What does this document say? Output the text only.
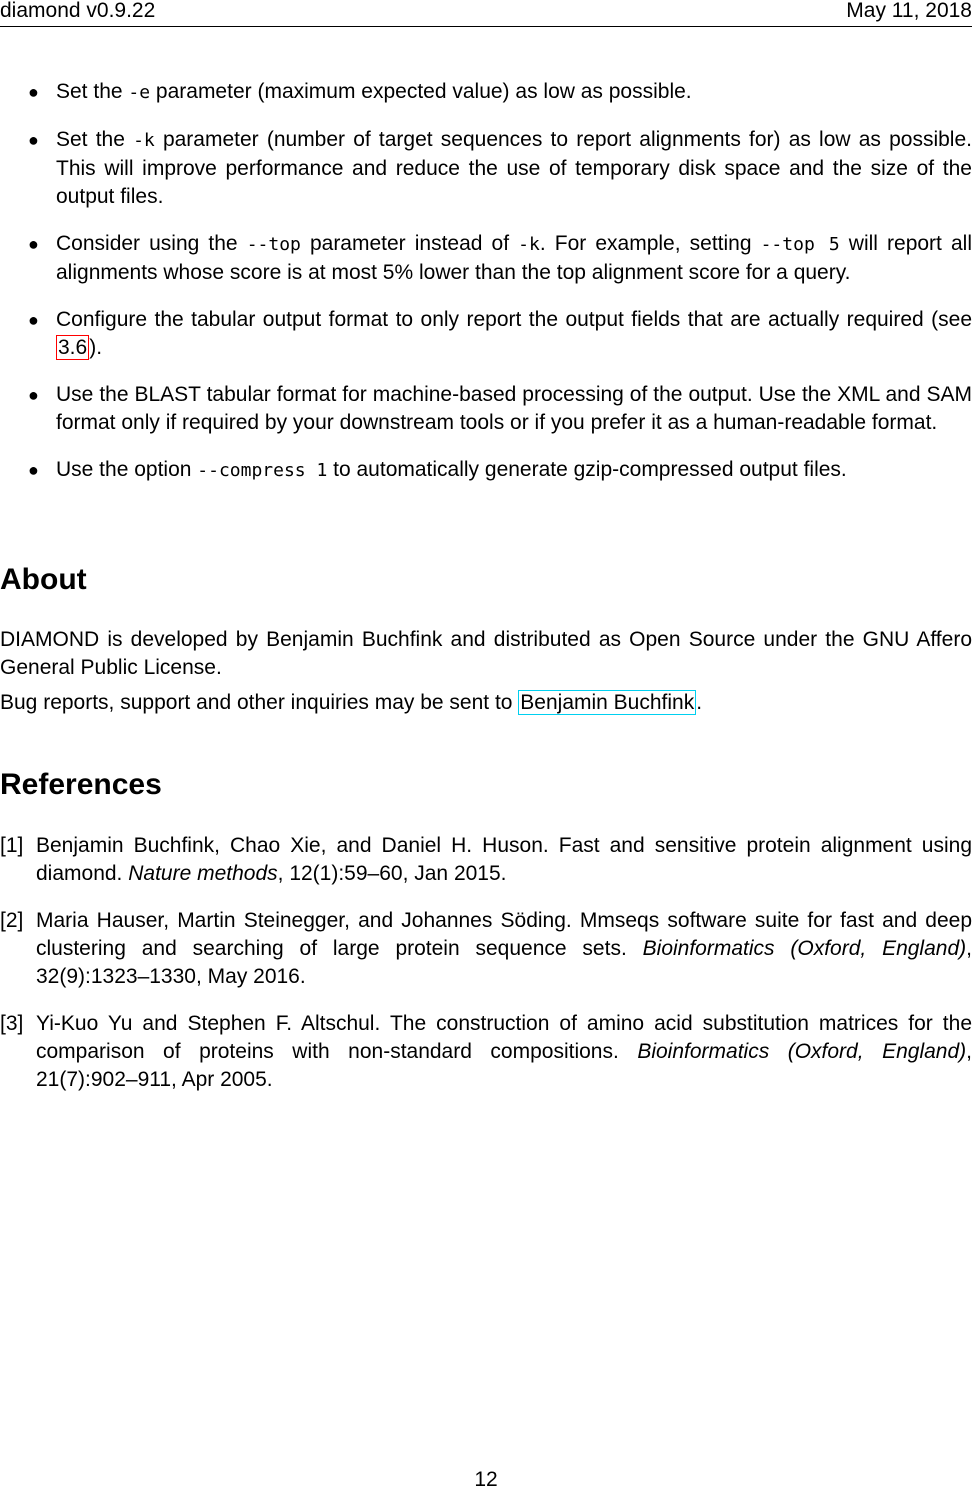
diamond v0.9.22	May 11, 2018
● Set the -e parameter (maximum expected value) as low as possible.
● Set the -k parameter (number of target sequences to report alignments for) as low as possible. This will improve performance and reduce the use of temporary disk space and the size of the output files.
● Consider using the --top parameter instead of -k. For example, setting --top 5 will report all alignments whose score is at most 5% lower than the top alignment score for a query.
● Configure the tabular output format to only report the output fields that are actually required (see 3.6).
● Use the BLAST tabular format for machine-based processing of the output. Use the XML and SAM format only if required by your downstream tools or if you prefer it as a human-readable format.
● Use the option --compress 1 to automatically generate gzip-compressed output files.
About

DIAMOND is developed by Benjamin Buchfink and distributed as Open Source under the GNU Affero General Public License.

Bug reports, support and other inquiries may be sent to Benjamin Buchfink.

References
[1] Benjamin Buchfink, Chao Xie, and Daniel H. Huson. Fast and sensitive protein alignment using diamond. Nature methods, 12(1):59–60, Jan 2015.
[2] Maria Hauser, Martin Steinegger, and Johannes Söding. Mmseqs software suite for fast and deep clustering and searching of large protein sequence sets. Bioinformatics (Oxford, England), 32(9):1323–1330, May 2016.
[3] Yi-Kuo Yu and Stephen F. Altschul. The construction of amino acid substitution matrices for the comparison of proteins with non-standard compositions. Bioinformatics (Oxford, England), 21(7):902–911, Apr 2005.
12
